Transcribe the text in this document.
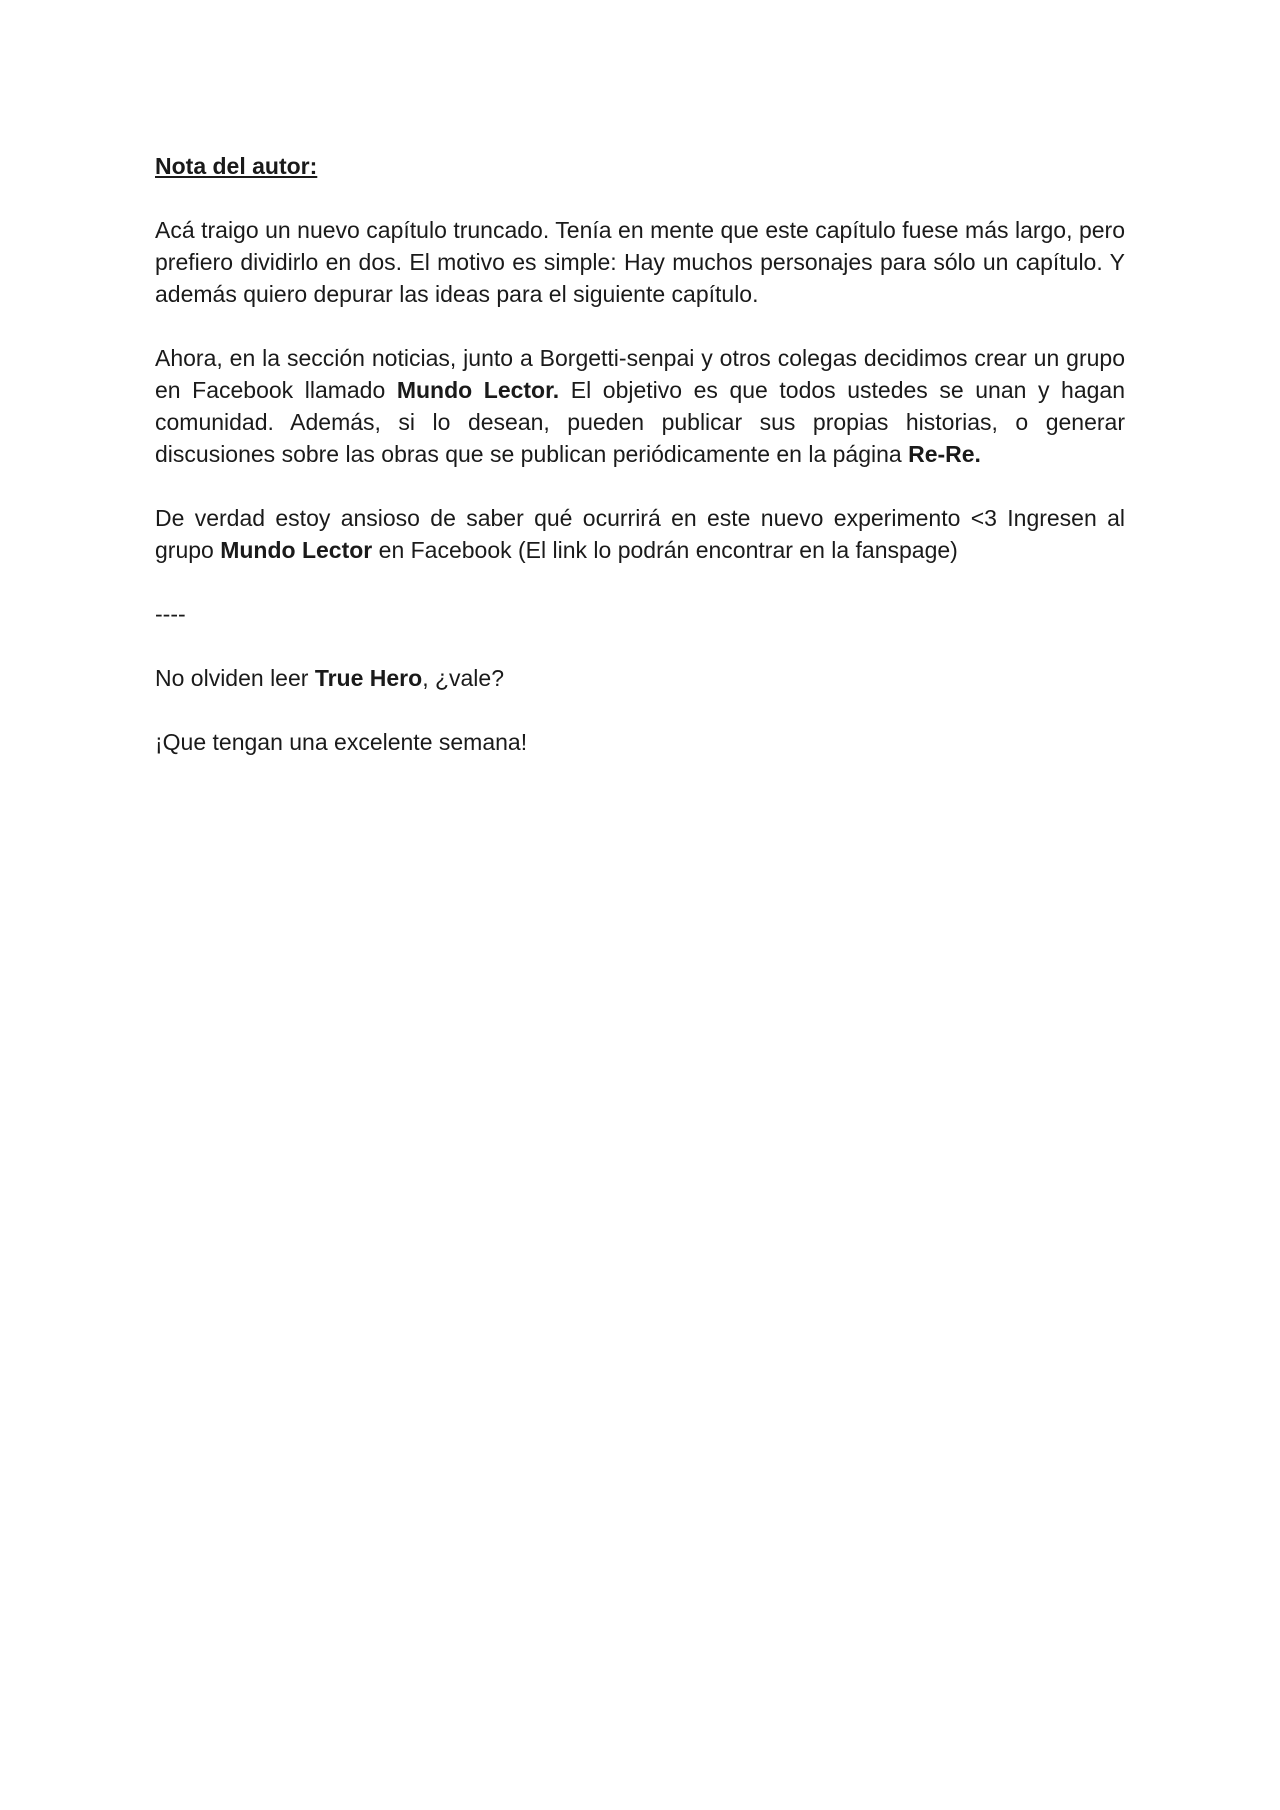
Nota del autor:

Acá traigo un nuevo capítulo truncado. Tenía en mente que este capítulo fuese más largo, pero prefiero dividirlo en dos. El motivo es simple: Hay muchos personajes para sólo un capítulo. Y además quiero depurar las ideas para el siguiente capítulo.

Ahora, en la sección noticias, junto a Borgetti-senpai y otros colegas decidimos crear un grupo en Facebook llamado Mundo Lector. El objetivo es que todos ustedes se unan y hagan comunidad. Además, si lo desean, pueden publicar sus propias historias, o generar discusiones sobre las obras que se publican periódicamente en la página Re-Re.

De verdad estoy ansioso de saber qué ocurrirá en este nuevo experimento <3 Ingresen al grupo Mundo Lector en Facebook (El link lo podrán encontrar en la fanspage)

----

No olviden leer True Hero, ¿vale?

¡Que tengan una excelente semana!
